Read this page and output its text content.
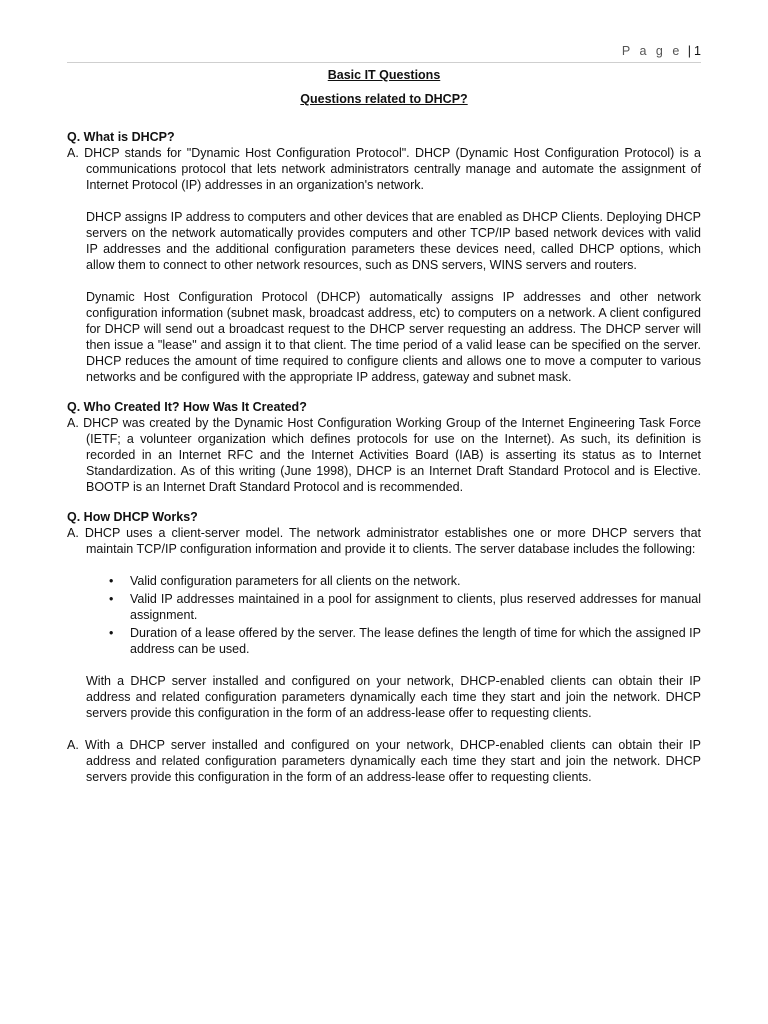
P a g e | 1

Basic IT Questions

Questions related to DHCP?

Q. What is DHCP?

A. DHCP stands for "Dynamic Host Configuration Protocol". DHCP (Dynamic Host Configuration Protocol) is a communications protocol that lets network administrators centrally manage and automate the assignment of Internet Protocol (IP) addresses in an organization's network.

DHCP assigns IP address to computers and other devices that are enabled as DHCP Clients. Deploying DHCP servers on the network automatically provides computers and other TCP/IP based network devices with valid IP addresses and the additional configuration parameters these devices need, called DHCP options, which allow them to connect to other network resources, such as DNS servers, WINS servers and routers.

Dynamic Host Configuration Protocol (DHCP) automatically assigns IP addresses and other network configuration information (subnet mask, broadcast address, etc) to computers on a network. A client configured for DHCP will send out a broadcast request to the DHCP server requesting an address. The DHCP server will then issue a "lease" and assign it to that client. The time period of a valid lease can be specified on the server. DHCP reduces the amount of time required to configure clients and allows one to move a computer to various networks and be configured with the appropriate IP address, gateway and subnet mask.

Q. Who Created It? How Was It Created?

A. DHCP was created by the Dynamic Host Configuration Working Group of the Internet Engineering Task Force (IETF; a volunteer organization which defines protocols for use on the Internet). As such, its definition is recorded in an Internet RFC and the Internet Activities Board (IAB) is asserting its status as to Internet Standardization. As of this writing (June 1998), DHCP is an Internet Draft Standard Protocol and is Elective. BOOTP is an Internet Draft Standard Protocol and is recommended.

Q. How DHCP Works?

A. DHCP uses a client-server model. The network administrator establishes one or more DHCP servers that maintain TCP/IP configuration information and provide it to clients. The server database includes the following:

• Valid configuration parameters for all clients on the network.
• Valid IP addresses maintained in a pool for assignment to clients, plus reserved addresses for manual assignment.
• Duration of a lease offered by the server. The lease defines the length of time for which the assigned IP address can be used.

With a DHCP server installed and configured on your network, DHCP-enabled clients can obtain their IP address and related configuration parameters dynamically each time they start and join the network. DHCP servers provide this configuration in the form of an address-lease offer to requesting clients.

A. With a DHCP server installed and configured on your network, DHCP-enabled clients can obtain their IP address and related configuration parameters dynamically each time they start and join the network. DHCP servers provide this configuration in the form of an address-lease offer to requesting clients.
